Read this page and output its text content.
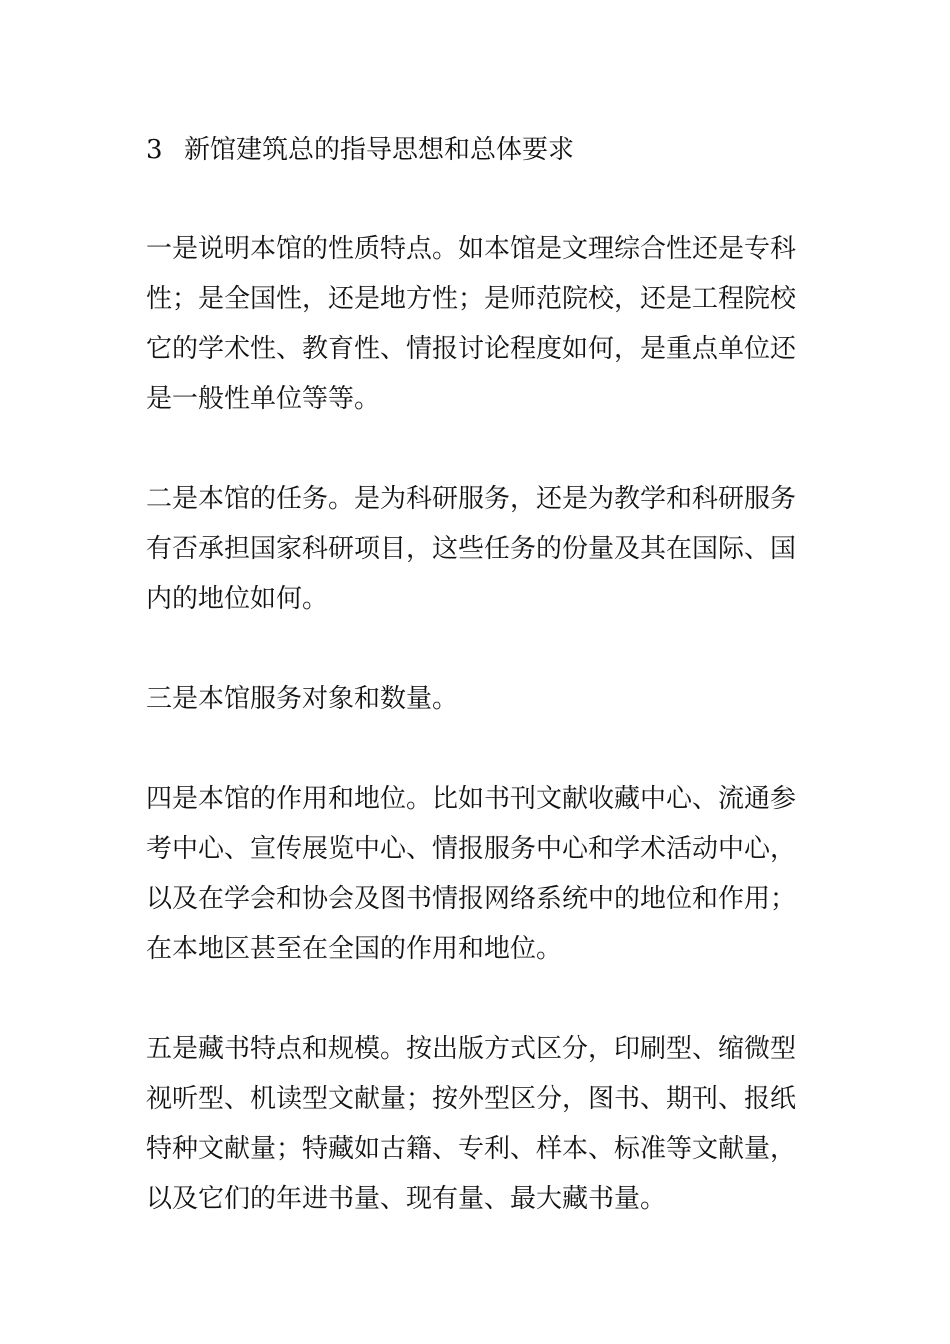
3 新馆建筑总的指导思想和总体要求
一是说明本馆的性质特点。如本馆是文理综合性还是专科
性；是全国性，还是地方性；是师范院校，还是工程院校
它的学术性、教育性、情报讨论程度如何，是重点单位还
是一般性单位等等。
二是本馆的任务。是为科研服务，还是为教学和科研服务
有否承担国家科研项目，这些任务的份量及其在国际、国
内的地位如何。
三是本馆服务对象和数量。
四是本馆的作用和地位。比如书刊文献收藏中心、流通参
考中心、宣传展览中心、情报服务中心和学术活动中心，
以及在学会和协会及图书情报网络系统中的地位和作用；
在本地区甚至在全国的作用和地位。
五是藏书特点和规模。按出版方式区分，印刷型、缩微型
视听型、机读型文献量；按外型区分，图书、期刊、报纸
特种文献量；特藏如古籍、专利、样本、标准等文献量，
以及它们的年进书量、现有量、最大藏书量。
